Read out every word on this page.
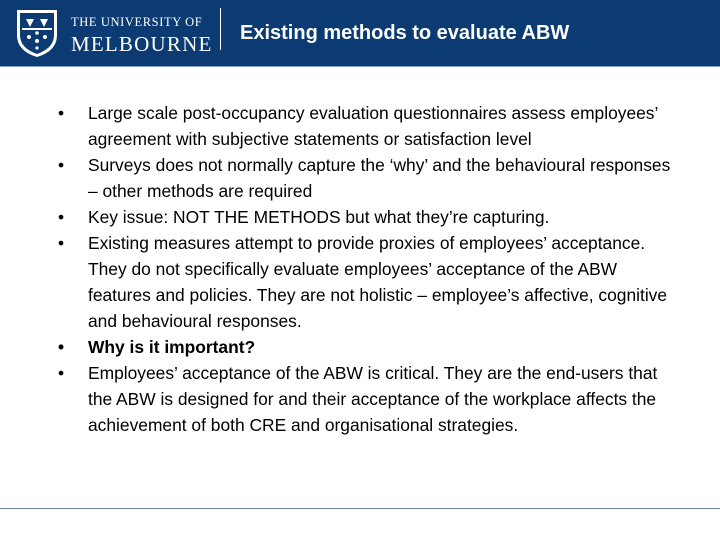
THE UNIVERSITY OF
MELBOURNE Existing methods to evaluate ABW
• Large scale post-occupancy evaluation questionnaires assess employees’ agreement with subjective statements or satisfaction level
• Surveys does not normally capture the ‘why’ and the behavioural responses – other methods are required
• Key issue: NOT THE METHODS but what they’re capturing.
• Existing measures attempt to provide proxies of employees’ acceptance. They do not specifically evaluate employees’ acceptance of the ABW features and policies. They are not holistic – employee’s affective, cognitive and behavioural responses.
• Why is it important?
• Employees’ acceptance of the ABW is critical. They are the end-users that the ABW is designed for and their acceptance of the workplace affects the achievement of both CRE and organisational strategies.
